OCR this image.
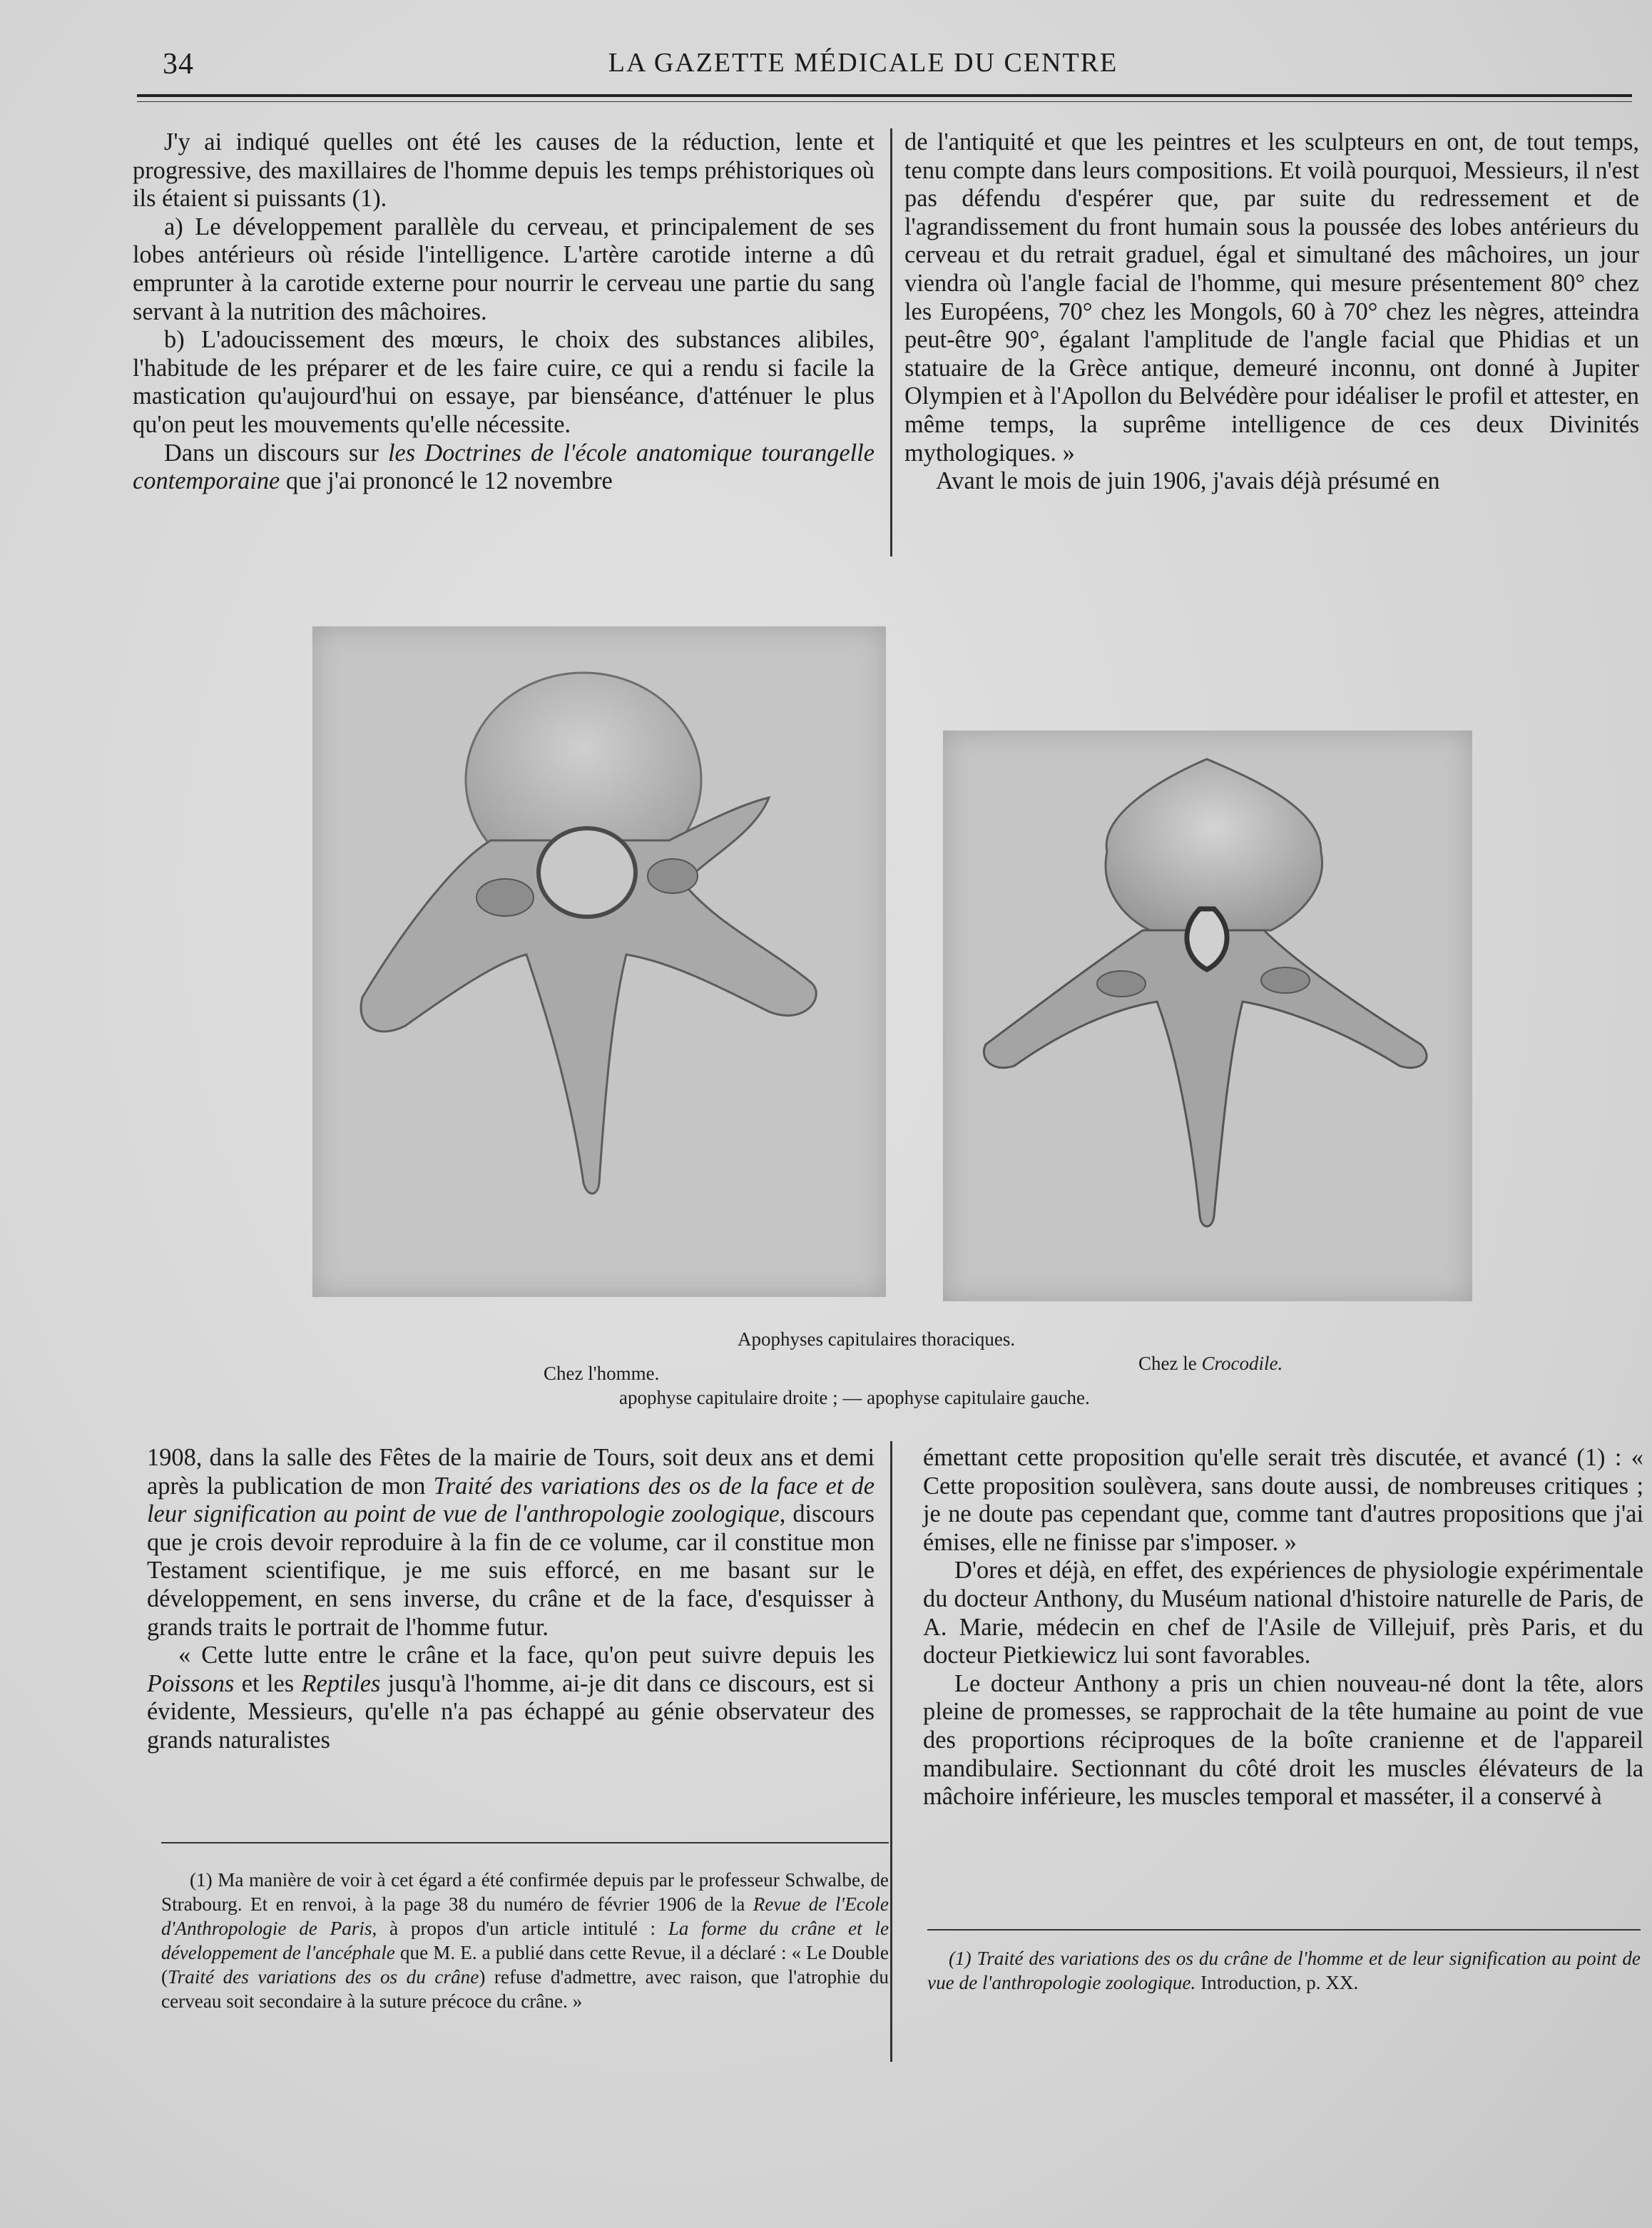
34	LA GAZETTE MÉDICALE DU CENTRE

J'y ai indiqué quelles ont été les causes de la réduction, lente et progressive, des maxillaires de l'homme depuis les temps préhistoriques où ils étaient si puissants (1).

a) Le développement parallèle du cerveau, et principalement de ses lobes antérieurs où réside l'intelligence. L'artère carotide interne a dû emprunter à la carotide externe pour nourrir le cerveau une partie du sang servant à la nutrition des mâchoires.

b) L'adoucissement des mœurs, le choix des substances alibiles, l'habitude de les préparer et de les faire cuire, ce qui a rendu si facile la mastication qu'aujourd'hui on essaye, par bienséance, d'atténuer le plus qu'on peut les mouvements qu'elle nécessite.

Dans un discours sur les Doctrines de l'école anatomique tourangelle contemporaine que j'ai prononcé le 12 novembre

de l'antiquité et que les peintres et les sculpteurs en ont, de tout temps, tenu compte dans leurs compositions. Et voilà pourquoi, Messieurs, il n'est pas défendu d'espérer que, par suite du redressement et de l'agrandissement du front humain sous la poussée des lobes antérieurs du cerveau et du retrait graduel, égal et simultané des mâchoires, un jour viendra où l'angle facial de l'homme, qui mesure présentement 80° chez les Européens, 70° chez les Mongols, 60 à 70° chez les nègres, atteindra peut-être 90°, égalant l'amplitude de l'angle facial que Phidias et un statuaire de la Grèce antique, demeuré inconnu, ont donné à Jupiter Olympien et à l'Apollon du Belvédère pour idéaliser le profil et attester, en même temps, la suprême intelligence de ces deux Divinités mythologiques. »

Avant le mois de juin 1906, j'avais déjà présumé en

Apophyses capitulaires thoraciques.
Chez l'homme.	Chez le Crocodile.
apophyse capitulaire droite ; — apophyse capitulaire gauche.

1908, dans la salle des Fêtes de la mairie de Tours, soit deux ans et demi après la publication de mon Traité des variations des os de la face et de leur signification au point de vue de l'anthropologie zoologique, discours que je crois devoir reproduire à la fin de ce volume, car il constitue mon Testament scientifique, je me suis efforcé, en me basant sur le développement, en sens inverse, du crâne et de la face, d'esquisser à grands traits le portrait de l'homme futur.

« Cette lutte entre le crâne et la face, qu'on peut suivre depuis les Poissons et les Reptiles jusqu'à l'homme, ai-je dit dans ce discours, est si évidente, Messieurs, qu'elle n'a pas échappé au génie observateur des grands naturalistes

émettant cette proposition qu'elle serait très discutée, et avancé (1) : « Cette proposition soulèvera, sans doute aussi, de nombreuses critiques ; je ne doute pas cependant que, comme tant d'autres propositions que j'ai émises, elle ne finisse par s'imposer. »

D'ores et déjà, en effet, des expériences de physiologie expérimentale du docteur Anthony, du Muséum national d'histoire naturelle de Paris, de A. Marie, médecin en chef de l'Asile de Villejuif, près Paris, et du docteur Pietkiewicz lui sont favorables.

Le docteur Anthony a pris un chien nouveau-né dont la tête, alors pleine de promesses, se rapprochait de la tête humaine au point de vue des proportions réciproques de la boîte cranienne et de l'appareil mandibulaire. Sectionnant du côté droit les muscles élévateurs de la mâchoire inférieure, les muscles temporal et masséter, il a conservé à

(1) Ma manière de voir à cet égard a été confirmée depuis par le professeur Schwalbe, de Strabourg. Et en renvoi, à la page 38 du numéro de février 1906 de la Revue de l'Ecole d'Anthropologie de Paris, à propos d'un article intitulé : La forme du crâne et le développement de l'ancéphale que M. E. a publié dans cette Revue, il a déclaré : « Le Double (Traité des variations des os du crâne) refuse d'admettre, avec raison, que l'atrophie du cerveau soit secondaire à la suture précoce du crâne. »

(1) Traité des variations des os du crâne de l'homme et de leur signification au point de vue de l'anthropologie zoologique. Introduction, p. XX.
